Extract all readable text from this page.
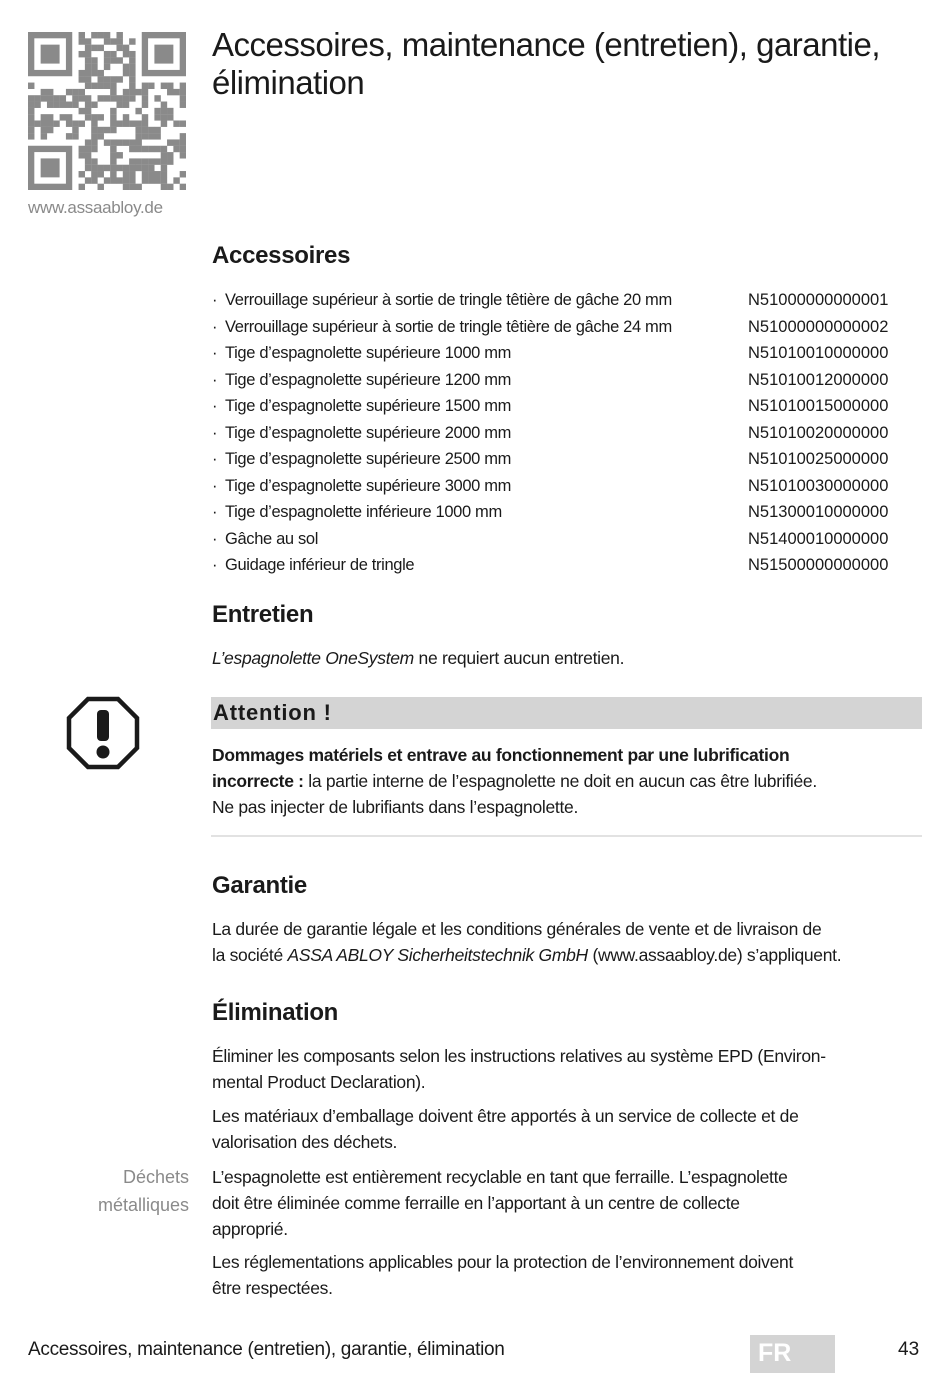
www.assaabloy.de
Accessoires, maintenance (entretien), garantie,
élimination
Accessoires
· Verrouillage supérieur à sortie de tringle têtière de gâche 20 mm	N51000000000001
· Verrouillage supérieur à sortie de tringle têtière de gâche 24 mm	N51000000000002
· Tige d’espagnolette supérieure 1000 mm	N51010010000000
· Tige d’espagnolette supérieure 1200 mm	N51010012000000
· Tige d’espagnolette supérieure 1500 mm	N51010015000000
· Tige d’espagnolette supérieure 2000 mm	N51010020000000
· Tige d’espagnolette supérieure 2500 mm	N51010025000000
· Tige d’espagnolette supérieure 3000 mm	N51010030000000
· Tige d’espagnolette inférieure 1000 mm	N51300010000000
· Gâche au sol	N51400010000000
· Guidage inférieur de tringle	N51500000000000
Entretien
L’espagnolette OneSystem ne requiert aucun entretien.
Attention !
Dommages matériels et entrave au fonctionnement par une lubrification
incorrecte : la partie interne de l’espagnolette ne doit en aucun cas être lubrifiée.
Ne pas injecter de lubrifiants dans l’espagnolette.
Garantie
La durée de garantie légale et les conditions générales de vente et de livraison de
la société ASSA ABLOY Sicherheitstechnik GmbH (www.assaabloy.de) s’appliquent.
Élimination
Éliminer les composants selon les instructions relatives au système EPD (Environ-
mental Product Declaration).
Les matériaux d’emballage doivent être apportés à un service de collecte et de
valorisation des déchets.
Déchets
métalliques
L’espagnolette est entièrement recyclable en tant que ferraille. L’espagnolette
doit être éliminée comme ferraille en l’apportant à un centre de collecte
approprié.
Les réglementations applicables pour la protection de l’environnement doivent
être respectées.
Accessoires, maintenance (entretien), garantie, élimination	FR	43
